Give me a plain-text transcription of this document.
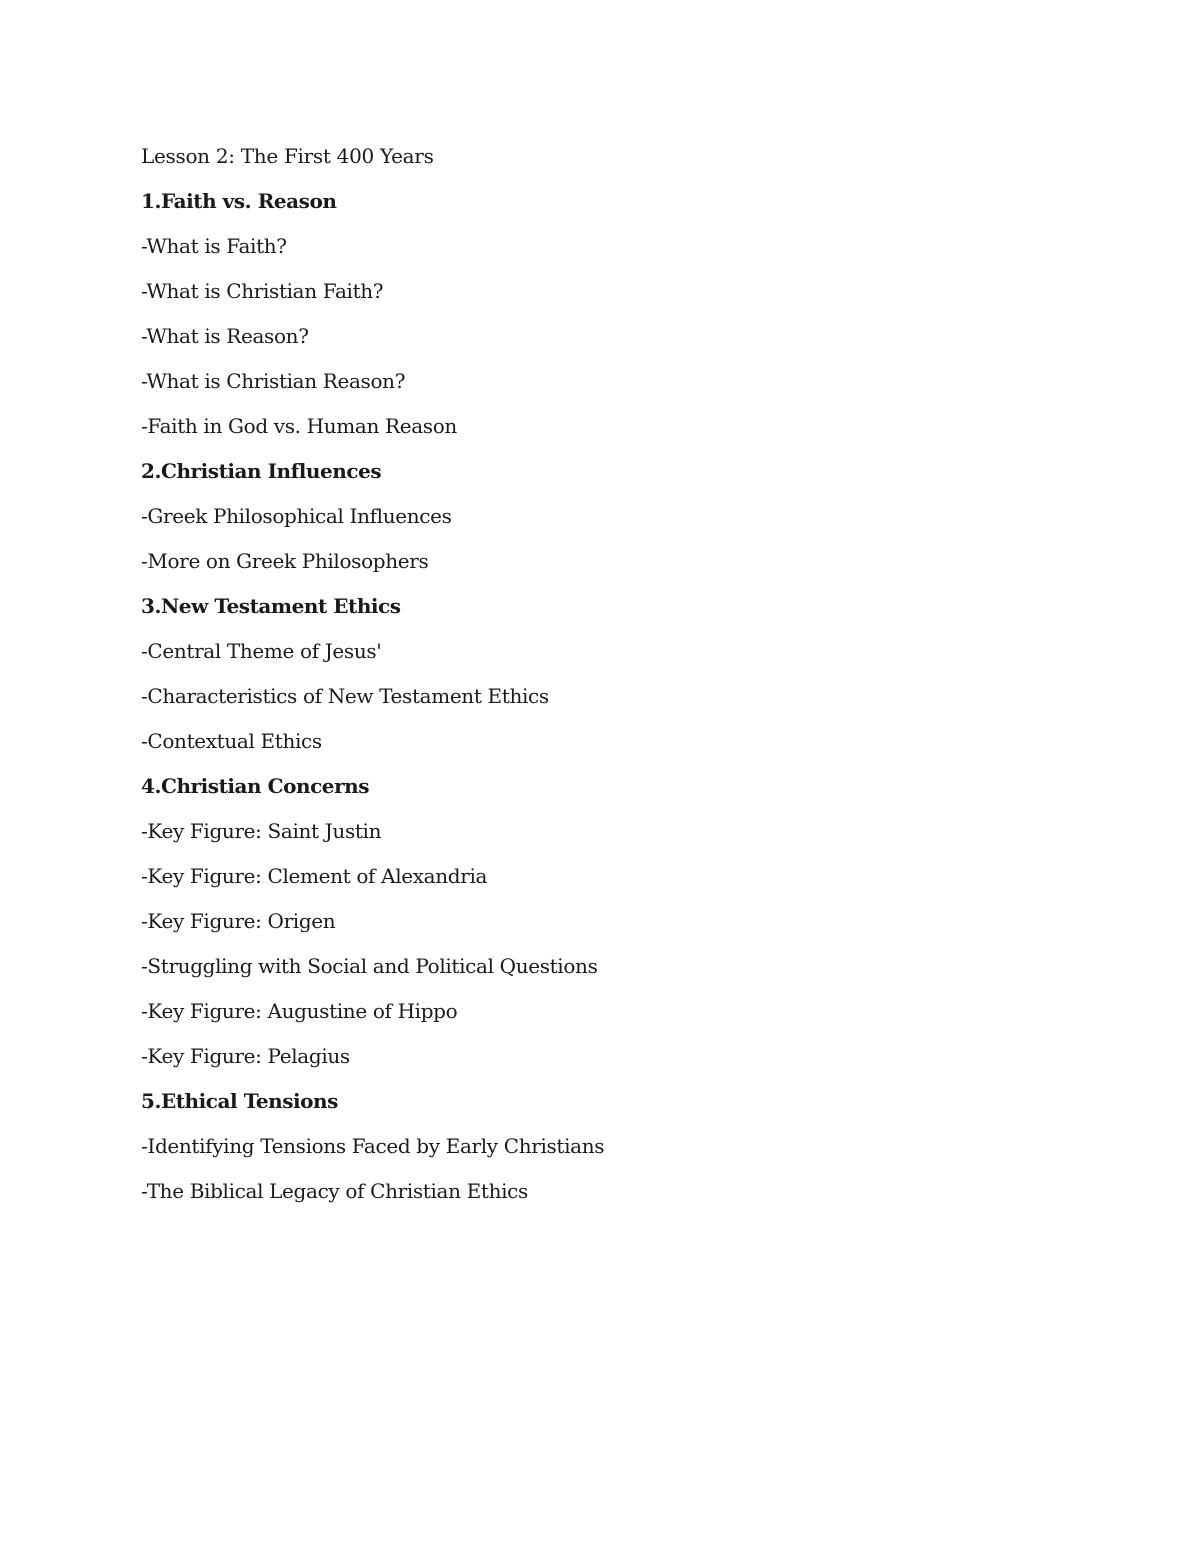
Lesson 2: The First 400 Years
1.Faith vs. Reason
-What is Faith?
-What is Christian Faith?
-What is Reason?
-What is Christian Reason?
-Faith in God vs. Human Reason
2.Christian Influences
-Greek Philosophical Influences
-More on Greek Philosophers
3.New Testament Ethics
-Central Theme of Jesus'
-Characteristics of New Testament Ethics
-Contextual Ethics
4.Christian Concerns
-Key Figure: Saint Justin
-Key Figure: Clement of Alexandria
-Key Figure: Origen
-Struggling with Social and Political Questions
-Key Figure: Augustine of Hippo
-Key Figure: Pelagius
5.Ethical Tensions
-Identifying Tensions Faced by Early Christians
-The Biblical Legacy of Christian Ethics
